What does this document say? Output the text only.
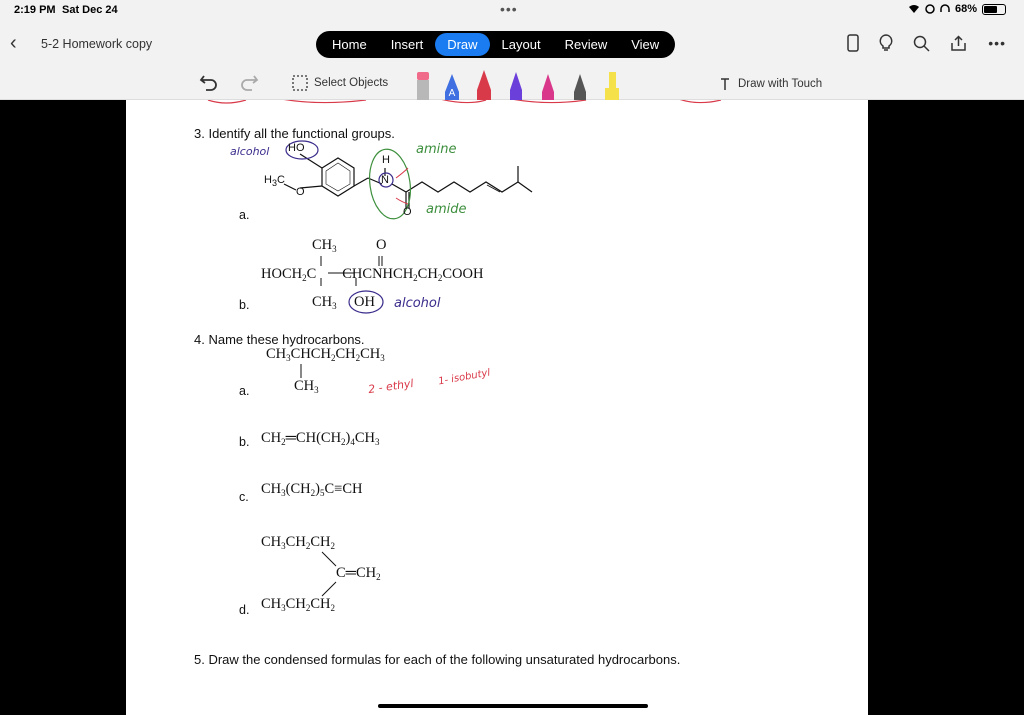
2:19 PM Sat Dec 24	•••	68%
‹ 5-2 Homework copy	Home	Insert	Draw	Layout	Review	View	•••
Select Objects
A
Draw with Touch
3. Identify all the functional groups.
a.
$H_3C$
O
HO
H
N
O
alcohol	amine
amide
b.
$CH_3$	O
$HOCH_2C$ $CHCNHCH_2CH_2COOH$
$CH_3$ OH alcohol
4. Name these hydrocarbons.
a.
$CH_3CHCH_2CH_2CH_3$
$CH_3$	2 - ethyl 1- isobutyl
b. $CH_2═CH(CH_2)_4CH_3$
c. $CH_3(CH_2)_5C\equiv CH$
$CH_3CH_2CH_2$
$C═CH_2$
d. $CH_3CH_2CH_2$
5. Draw the condensed formulas for each of the following unsaturated hydrocarbons.
